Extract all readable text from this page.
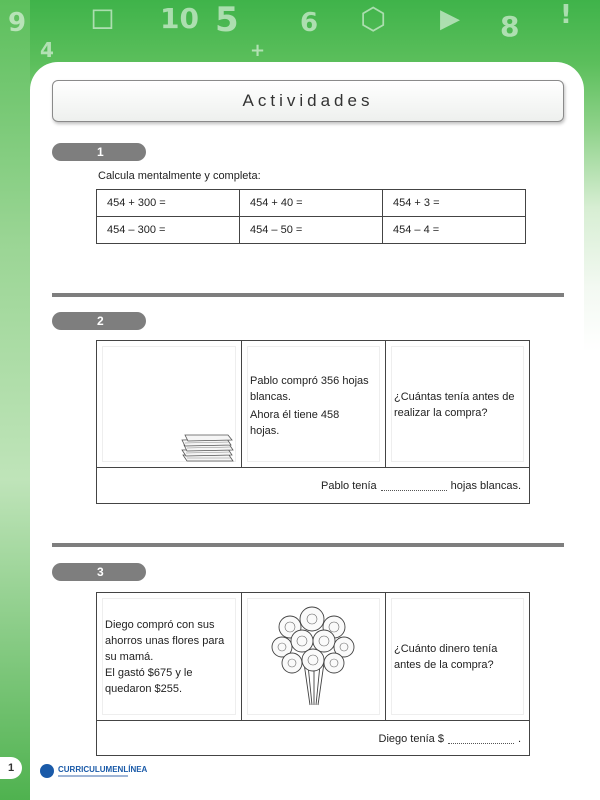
9 ◻ 10 5 6 ⬡ ▶ 8 !
4	+
Actividades
1
Calcula mentalmente y completa:
454 + 300 =	454 + 40 =	454 + 3 =
454 – 300 =	454 – 50 =	454 – 4 =
2
Pablo compró 356 hojas blancas.
Ahora él tiene 458 hojas.
¿Cuántas tenía antes de realizar la compra?
Pablo tenía	hojas blancas.
3
Diego compró con sus ahorros unas flores para su mamá.
El gastó $675 y le quedaron $255.
¿Cuánto dinero tenía antes de la compra?
Diego tenía $	.
1	CURRICULUMENLÍNEA
